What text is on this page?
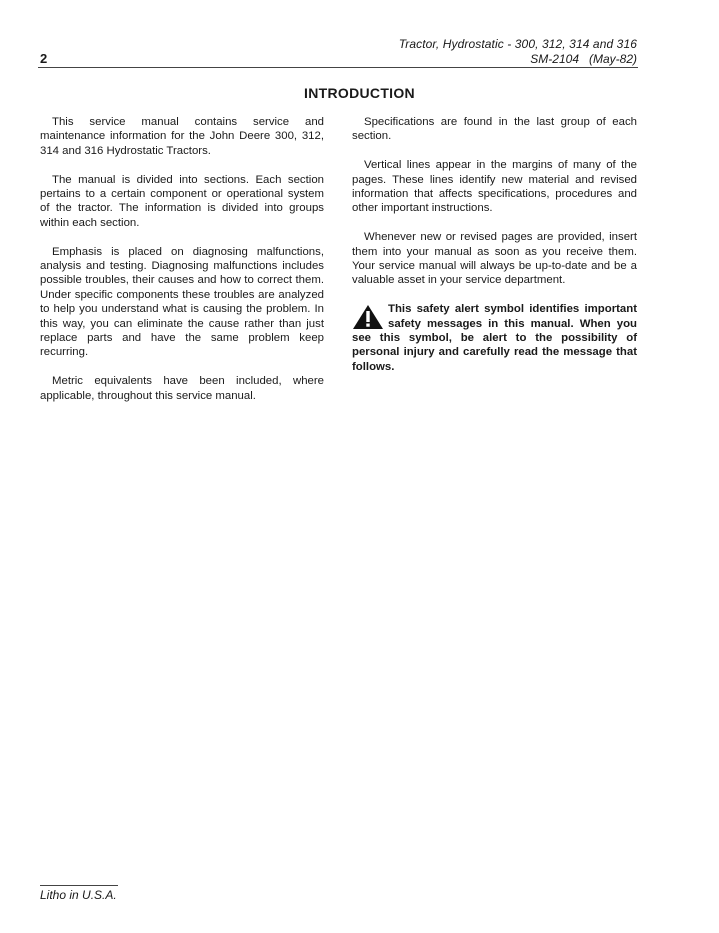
Tractor, Hydrostatic - 300, 312, 314 and 316
2	SM-2104   (May-82)
INTRODUCTION

This service manual contains service and maintenance information for the John Deere 300, 312, 314 and 316 Hydrostatic Tractors.

The manual is divided into sections. Each section pertains to a certain component or operational system of the tractor. The information is divided into groups within each section.

Emphasis is placed on diagnosing malfunctions, analysis and testing. Diagnosing malfunctions includes possible troubles, their causes and how to correct them. Under specific components these troubles are analyzed to help you understand what is causing the problem. In this way, you can eliminate the cause rather than just replace parts and have the same problem keep recurring.

Metric equivalents have been included, where applicable, throughout this service manual.

Specifications are found in the last group of each section.

Vertical lines appear in the margins of many of the pages. These lines identify new material and revised information that affects specifications, procedures and other important instructions.

Whenever new or revised pages are provided, insert them into your manual as soon as you receive them. Your service manual will always be up-to-date and be a valuable asset in your service department.

This safety alert symbol identifies important safety messages in this manual. When you see this symbol, be alert to the possibility of personal injury and carefully read the message that follows.
Litho in U.S.A.
